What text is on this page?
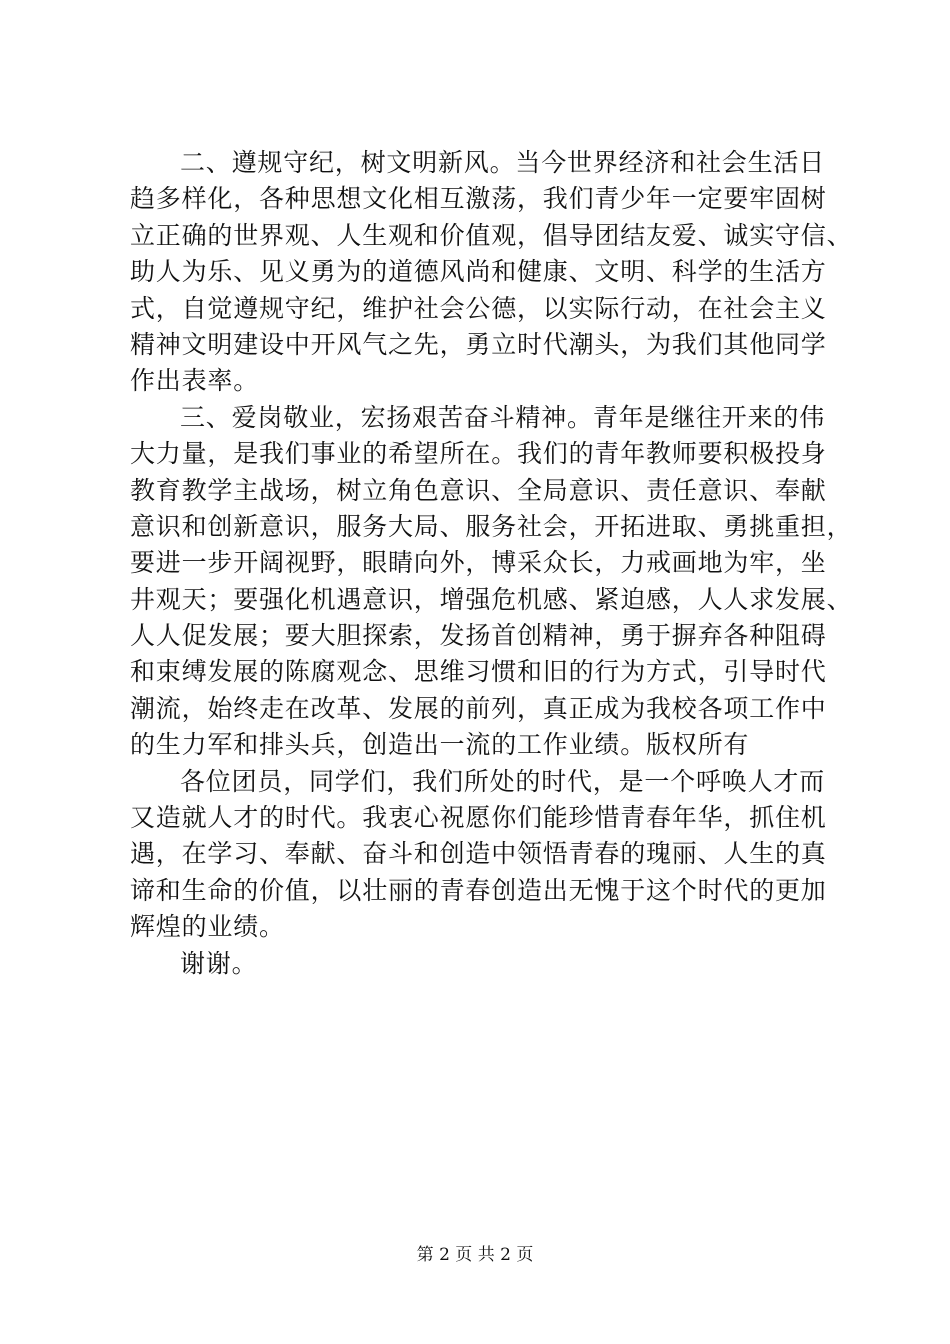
二、遵规守纪，树文明新风。当今世界经济和社会生活日
趋多样化，各种思想文化相互激荡，我们青少年一定要牢固树
立正确的世界观、人生观和价值观，倡导团结友爱、诚实守信、
助人为乐、见义勇为的道德风尚和健康、文明、科学的生活方
式，自觉遵规守纪，维护社会公德，以实际行动，在社会主义
精神文明建设中开风气之先，勇立时代潮头，为我们其他同学
作出表率。
三、爱岗敬业，宏扬艰苦奋斗精神。青年是继往开来的伟
大力量，是我们事业的希望所在。我们的青年教师要积极投身
教育教学主战场，树立角色意识、全局意识、责任意识、奉献
意识和创新意识，服务大局、服务社会，开拓进取、勇挑重担，
要进一步开阔视野，眼睛向外，博采众长，力戒画地为牢，坐
井观天；要强化机遇意识，增强危机感、紧迫感，人人求发展、
人人促发展；要大胆探索，发扬首创精神，勇于摒弃各种阻碍
和束缚发展的陈腐观念、思维习惯和旧的行为方式，引导时代
潮流，始终走在改革、发展的前列，真正成为我校各项工作中
的生力军和排头兵，创造出一流的工作业绩。版权所有
各位团员，同学们，我们所处的时代，是一个呼唤人才而
又造就人才的时代。我衷心祝愿你们能珍惜青春年华，抓住机
遇，在学习、奉献、奋斗和创造中领悟青春的瑰丽、人生的真
谛和生命的价值，以壮丽的青春创造出无愧于这个时代的更加
辉煌的业绩。
谢谢。
第 2 页 共 2 页
